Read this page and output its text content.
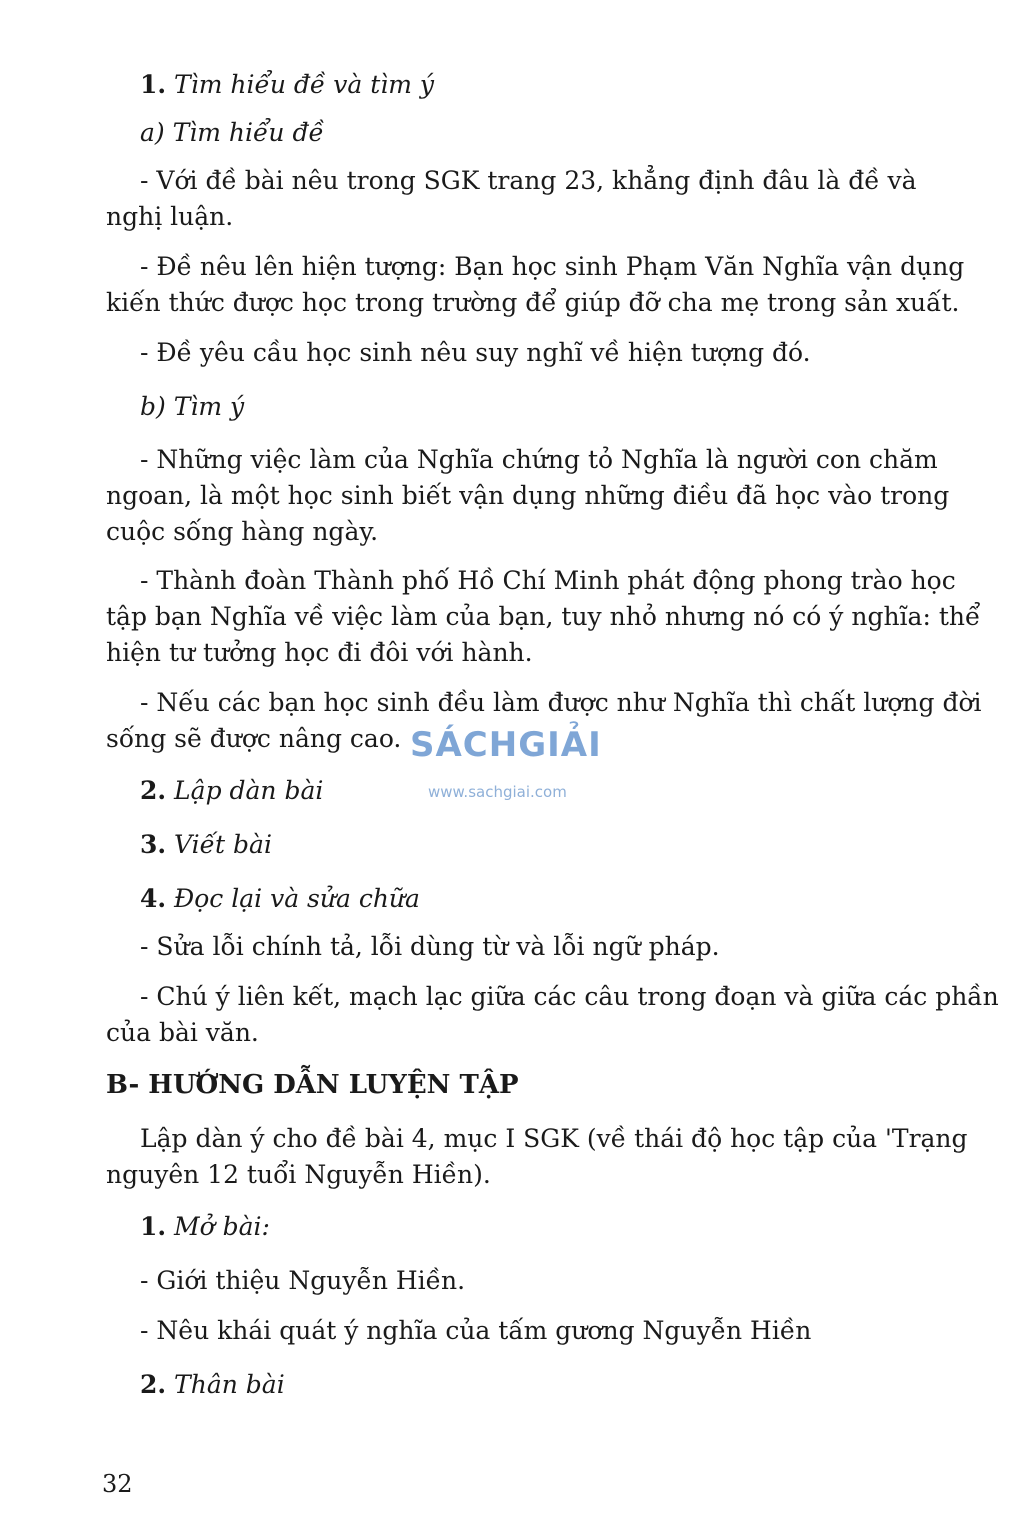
1. Tìm hiểu đề và tìm ý
a) Tìm hiểu đề
- Với đề bài nêu trong SGK trang 23, khẳng định đâu là đề và
nghị luận.
- Đề nêu lên hiện tượng: Bạn học sinh Phạm Văn Nghĩa vận dụng
kiến thức được học trong trường để giúp đỡ cha mẹ trong sản xuất.
- Đề yêu cầu học sinh nêu suy nghĩ về hiện tượng đó.
b) Tìm ý
- Những việc làm của Nghĩa chứng tỏ Nghĩa là người con chăm
ngoan, là một học sinh biết vận dụng những điều đã học vào trong
cuộc sống hàng ngày.
- Thành đoàn Thành phố Hồ Chí Minh phát động phong trào học
tập bạn Nghĩa về việc làm của bạn, tuy nhỏ nhưng nó có ý nghĩa: thể
hiện tư tưởng học đi đôi với hành.
- Nếu các bạn học sinh đều làm được như Nghĩa thì chất lượng đời
sống sẽ được nâng cao.
2. Lập dàn bài
3. Viết bài
4. Đọc lại và sửa chữa
- Sửa lỗi chính tả, lỗi dùng từ và lỗi ngữ pháp.
- Chú ý liên kết, mạch lạc giữa các câu trong đoạn và giữa các phần
của bài văn.
B- HƯỚNG DẪN LUYỆN TẬP
Lập dàn ý cho đề bài 4, mục I SGK (về thái độ học tập của 'Trạng
nguyên 12 tuổi Nguyễn Hiền).
1. Mở bài:
- Giới thiệu Nguyễn Hiền.
- Nêu khái quát ý nghĩa của tấm gương Nguyễn Hiền
2. Thân bài
SÁCHGIẢI
www.sachgiai.com
32
